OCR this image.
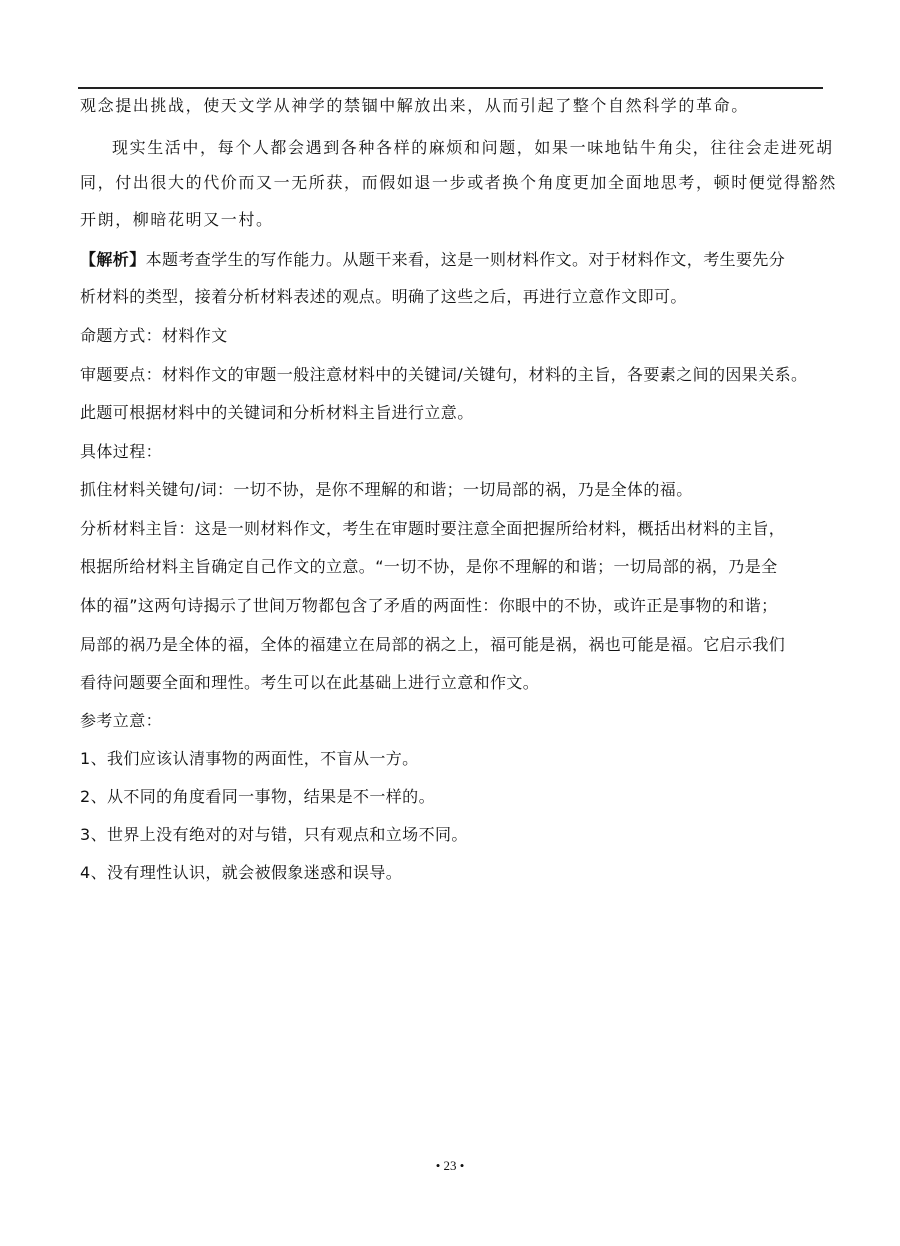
观念提出挑战，使天文学从神学的禁锢中解放出来，从而引起了整个自然科学的革命。
现实生活中，每个人都会遇到各种各样的麻烦和问题，如果一味地钻牛角尖，往往会走进死胡
同，付出很大的代价而又一无所获，而假如退一步或者换个角度更加全面地思考，顿时便觉得豁然
开朗，柳暗花明又一村。
【解析】本题考查学生的写作能力。从题干来看，这是一则材料作文。对于材料作文，考生要先分
析材料的类型，接着分析材料表述的观点。明确了这些之后，再进行立意作文即可。
命题方式：材料作文
审题要点：材料作文的审题一般注意材料中的关键词/关键句，材料的主旨，各要素之间的因果关系。
此题可根据材料中的关键词和分析材料主旨进行立意。
具体过程：
抓住材料关键句/词：一切不协，是你不理解的和谐；一切局部的祸，乃是全体的福。
分析材料主旨：这是一则材料作文，考生在审题时要注意全面把握所给材料，概括出材料的主旨，
根据所给材料主旨确定自己作文的立意。“一切不协，是你不理解的和谐；一切局部的祸，乃是全
体的福”这两句诗揭示了世间万物都包含了矛盾的两面性：你眼中的不协，或许正是事物的和谐；
局部的祸乃是全体的福，全体的福建立在局部的祸之上，福可能是祸，祸也可能是福。它启示我们
看待问题要全面和理性。考生可以在此基础上进行立意和作文。
参考立意：
1、我们应该认清事物的两面性，不盲从一方。
2、从不同的角度看同一事物，结果是不一样的。
3、世界上没有绝对的对与错，只有观点和立场不同。
4、没有理性认识，就会被假象迷惑和误导。
• 23 •
